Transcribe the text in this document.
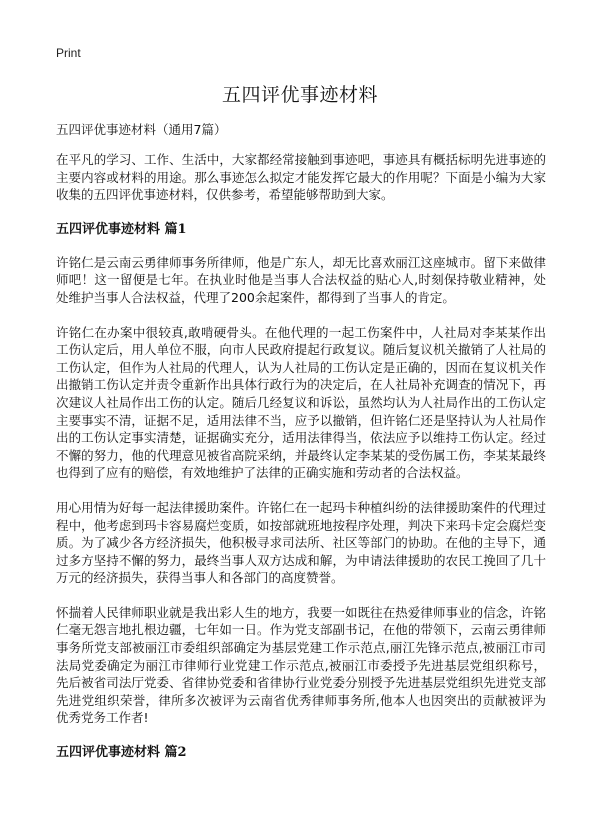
Print
五四评优事迹材料

五四评优事迹材料（通用7篇）

在平凡的学习、工作、生活中，大家都经常接触到事迹吧，事迹具有概括标明先进事迹的主要内容或材料的用途。那么事迹怎么拟定才能发挥它最大的作用呢？下面是小编为大家收集的五四评优事迹材料，仅供参考，希望能够帮助到大家。

五四评优事迹材料 篇1

许铭仁是云南云勇律师事务所律师，他是广东人，却无比喜欢丽江这座城市。留下来做律师吧！这一留便是七年。在执业时他是当事人合法权益的贴心人,时刻保持敬业精神，处处维护当事人合法权益，代理了200余起案件，都得到了当事人的肯定。

许铭仁在办案中很较真,敢啃硬骨头。在他代理的一起工伤案件中，人社局对李某某作出工伤认定后，用人单位不服，向市人民政府提起行政复议。随后复议机关撤销了人社局的工伤认定，但作为人社局的代理人，认为人社局的工伤认定是正确的，因而在复议机关作出撤销工伤认定并责令重新作出具体行政行为的决定后，在人社局补充调查的情况下，再次建议人社局作出工伤的认定。随后几经复议和诉讼，虽然均认为人社局作出的工伤认定主要事实不清，证据不足，适用法律不当，应予以撤销，但许铭仁还是坚持认为人社局作出的工伤认定事实清楚，证据确实充分，适用法律得当，依法应予以维持工伤认定。经过不懈的努力，他的代理意见被省高院采纳，并最终认定李某某的受伤属工伤，李某某最终也得到了应有的赔偿，有效地维护了法律的正确实施和劳动者的合法权益。

用心用情为好每一起法律援助案件。许铭仁在一起玛卡种植纠纷的法律援助案件的代理过程中，他考虑到玛卡容易腐烂变质，如按部就班地按程序处理，判决下来玛卡定会腐烂变质。为了减少各方经济损失，他积极寻求司法所、社区等部门的协助。在他的主导下，通过多方坚持不懈的努力，最终当事人双方达成和解，为申请法律援助的农民工挽回了几十万元的经济损失，获得当事人和各部门的高度赞誉。

怀揣着人民律师职业就是我出彩人生的地方，我要一如既往在热爱律师事业的信念，许铭仁毫无怨言地扎根边疆，七年如一日。作为党支部副书记，在他的带领下，云南云勇律师事务所党支部被丽江市委组织部确定为基层党建工作示范点,丽江先锋示范点,被丽江市司法局党委确定为丽江市律师行业党建工作示范点,被丽江市委授予先进基层党组织称号，先后被省司法厅党委、省律协党委和省律协行业党委分别授予先进基层党组织先进党支部先进党组织荣誉，律所多次被评为云南省优秀律师事务所,他本人也因突出的贡献被评为优秀党务工作者!

五四评优事迹材料 篇2
